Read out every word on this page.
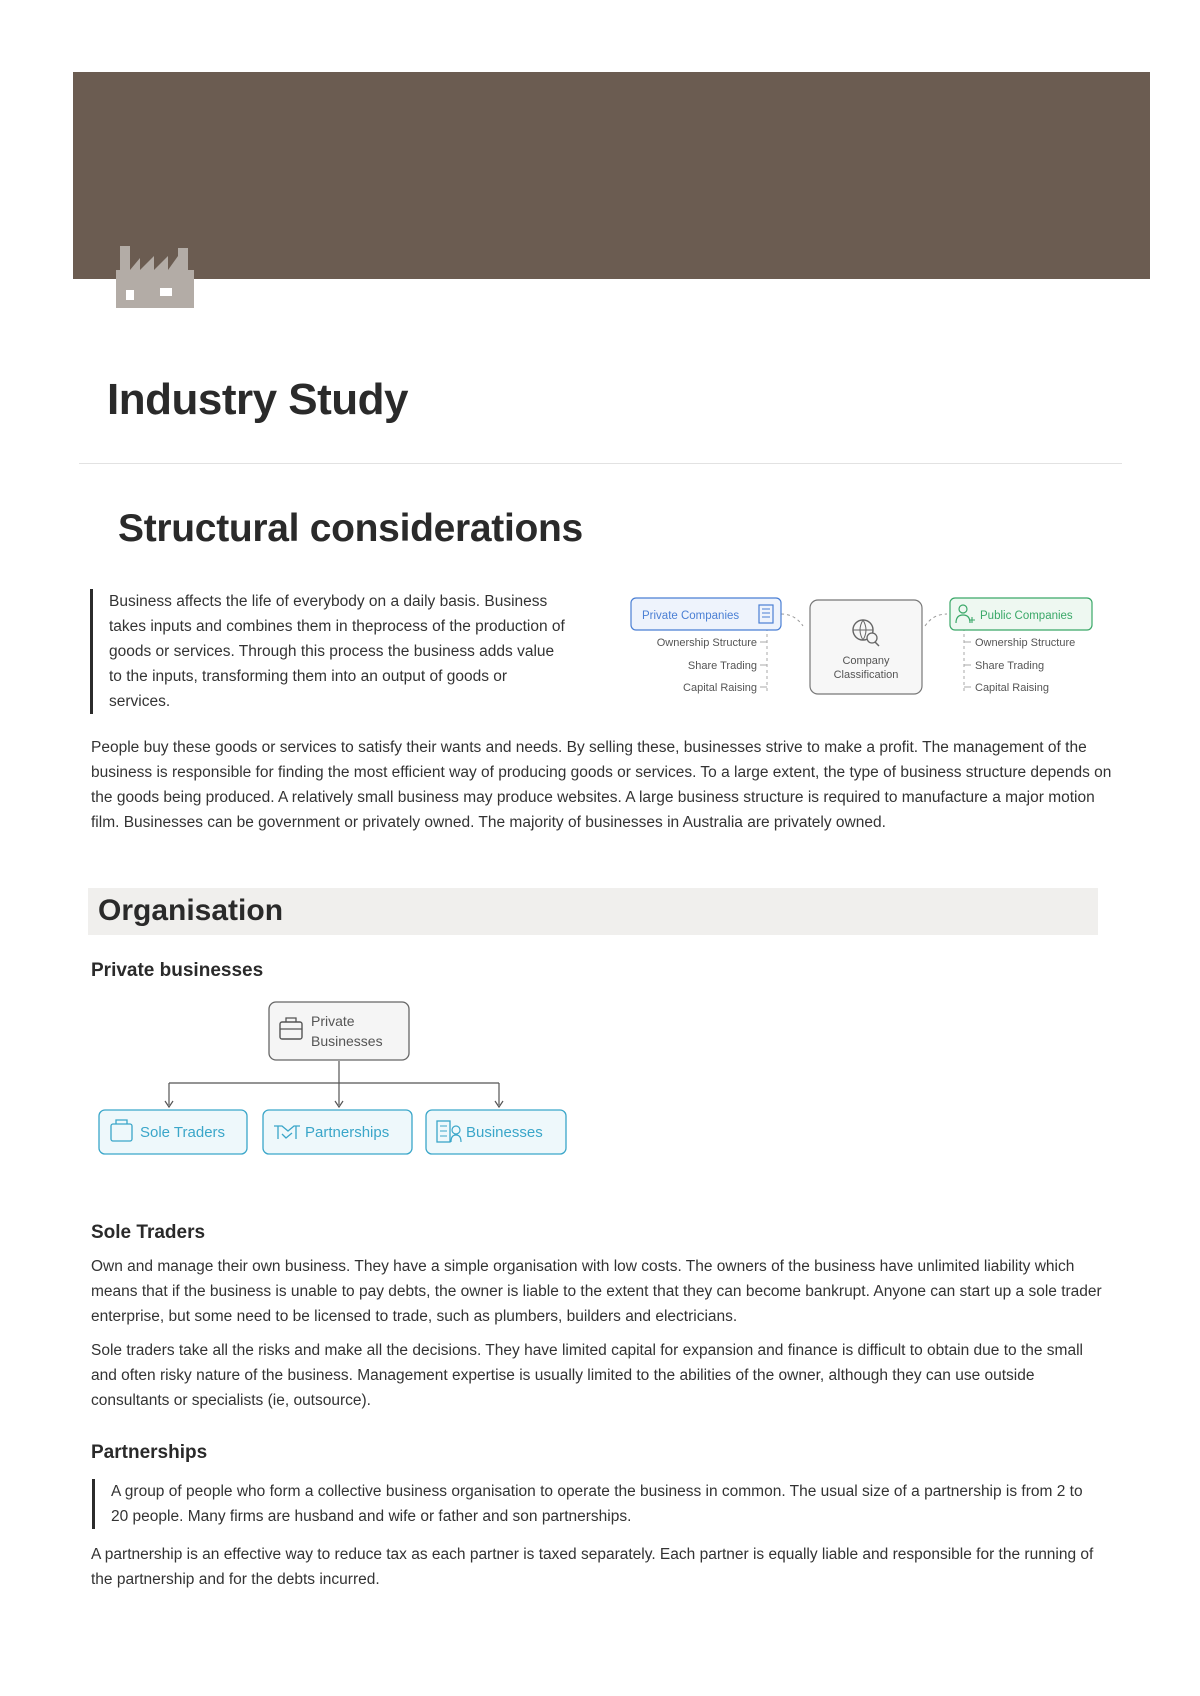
Industry Study
Structural considerations
Business affects the life of everybody on a daily basis. Business takes inputs and combines them in theprocess of the production of goods or services. Through this process the business adds value to the inputs, transforming them into an output of goods or services.
Private Companies
Ownership Structure
Share Trading
Capital Raising
Company
Classification
Public Companies
Ownership Structure
Share Trading
Capital Raising

People buy these goods or services to satisfy their wants and needs. By selling these, businesses strive to make a profit. The management of the business is responsible for finding the most efficient way of producing goods or services. To a large extent, the type of business structure depends on the goods being produced. A relatively small business may produce websites. A large business structure is required to manufacture a major motion film. Businesses can be government or privately owned. The majority of businesses in Australia are privately owned.

Organisation
Private businesses
Private
Businesses
Sole Traders	Partnerships	Businesses
Sole Traders

Own and manage their own business. They have a simple organisation with low costs. The owners of the business have unlimited liability which means that if the business is unable to pay debts, the owner is liable to the extent that they can become bankrupt. Anyone can start up a sole trader enterprise, but some need to be licensed to trade, such as plumbers, builders and electricians.

Sole traders take all the risks and make all the decisions. They have limited capital for expansion and finance is difficult to obtain due to the small and often risky nature of the business. Management expertise is usually limited to the abilities of the owner, although they can use outside consultants or specialists (ie, outsource).

Partnerships
A group of people who form a collective business organisation to operate the business in common. The usual size of a partnership is from 2 to 20 people. Many firms are husband and wife or father and son partnerships.

A partnership is an effective way to reduce tax as each partner is taxed separately. Each partner is equally liable and responsible for the running of the partnership and for the debts incurred.
